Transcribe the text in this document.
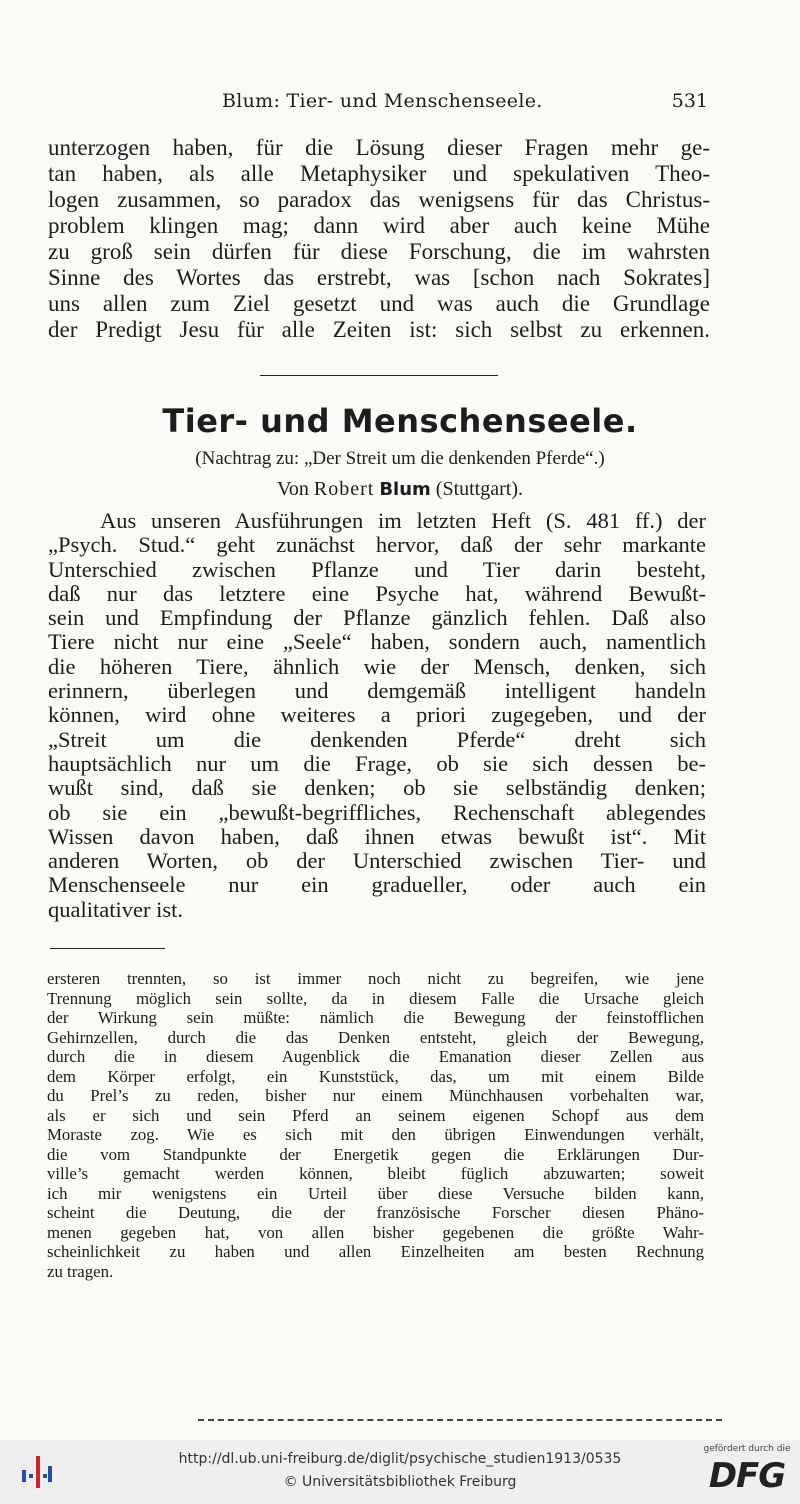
Blum: Tier- und Menschenseele.	531
unterzogen haben, für die Lösung dieser Fragen mehr ge-
tan haben, als alle Metaphysiker und spekulativen Theo-
logen zusammen, so paradox das wenigsens für das Christus-
problem klingen mag; dann wird aber auch keine Mühe
zu groß sein dürfen für diese Forschung, die im wahrsten
Sinne des Wortes das erstrebt, was [schon nach Sokrates]
uns allen zum Ziel gesetzt und was auch die Grundlage
der Predigt Jesu für alle Zeiten ist: sich selbst zu erkennen.
Tier- und Menschenseele.
(Nachtrag zu: „Der Streit um die denkenden Pferde“.)
Von Robert Blum (Stuttgart).
Aus unseren Ausführungen im letzten Heft (S. 481 ff.) der
„Psych. Stud.“ geht zunächst hervor, daß der sehr markante
Unterschied zwischen Pflanze und Tier darin besteht,
daß nur das letztere eine Psyche hat, während Bewußt-
sein und Empfindung der Pflanze gänzlich fehlen. Daß also
Tiere nicht nur eine „Seele“ haben, sondern auch, namentlich
die höheren Tiere, ähnlich wie der Mensch, denken, sich
erinnern, überlegen und demgemäß intelligent handeln
können, wird ohne weiteres a priori zugegeben, und der
„Streit um die denkenden Pferde“ dreht sich
hauptsächlich nur um die Frage, ob sie sich dessen be-
wußt sind, daß sie denken; ob sie selbständig denken;
ob sie ein „bewußt-begriffliches, Rechenschaft ablegendes
Wissen davon haben, daß ihnen etwas bewußt ist“. Mit
anderen Worten, ob der Unterschied zwischen Tier- und
Menschenseele nur ein gradueller, oder auch ein
qualitativer ist.
ersteren trennten, so ist immer noch nicht zu begreifen, wie jene
Trennung möglich sein sollte, da in diesem Falle die Ursache gleich
der Wirkung sein müßte: nämlich die Bewegung der feinstofflichen
Gehirnzellen, durch die das Denken entsteht, gleich der Bewegung,
durch die in diesem Augenblick die Emanation dieser Zellen aus
dem Körper erfolgt, ein Kunststück, das, um mit einem Bilde
du Prel’s zu reden, bisher nur einem Münchhausen vorbehalten war,
als er sich und sein Pferd an seinem eigenen Schopf aus dem
Moraste zog. Wie es sich mit den übrigen Einwendungen verhält,
die vom Standpunkte der Energetik gegen die Erklärungen Dur-
ville’s gemacht werden können, bleibt füglich abzuwarten; soweit
ich mir wenigstens ein Urteil über diese Versuche bilden kann,
scheint die Deutung, die der französische Forscher diesen Phäno-
menen gegeben hat, von allen bisher gegebenen die größte Wahr-
scheinlichkeit zu haben und allen Einzelheiten am besten Rechnung
zu tragen.
http://dl.ub.uni-freiburg.de/diglit/psychische_studien1913/0535
© Universitätsbibliothek Freiburg
gefördert durch die
DFG
